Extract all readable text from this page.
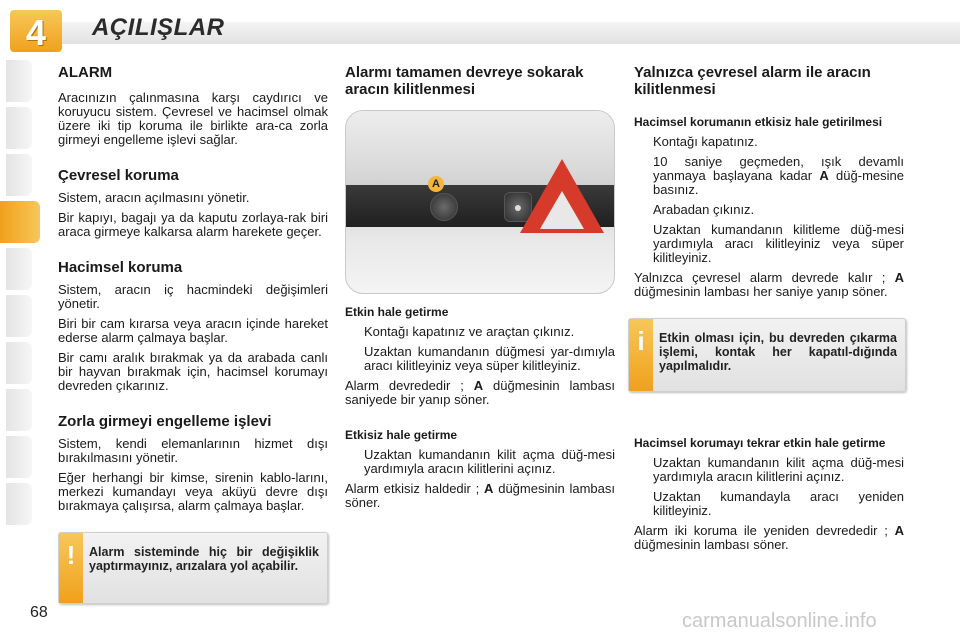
4	AÇILIŞLAR
ALARM

Aracınızın çalınmasına karşı caydırıcı ve koruyucu sistem. Çevresel ve hacimsel olmak üzere iki tip koruma ile birlikte ara-ca zorla girmeyi engelleme işlevi sağlar.

Çevresel koruma

Sistem, aracın açılmasını yönetir.

Bir kapıyı, bagajı ya da kaputu zorlaya-rak biri araca girmeye kalkarsa alarm harekete geçer.

Hacimsel koruma

Sistem, aracın iç hacmindeki değişimleri yönetir.

Biri bir cam kırarsa veya aracın içinde hareket ederse alarm çalmaya başlar.

Bir camı aralık bırakmak ya da arabada canlı bir hayvan bırakmak için, hacimsel korumayı devreden çıkarınız.

Zorla girmeyi engelleme işlevi

Sistem, kendi elemanlarının hizmet dışı bırakılmasını yönetir.

Eğer herhangi bir kimse, sirenin kablo-larını, merkezi kumandayı veya aküyü devre dışı bırakmaya çalışırsa, alarm çalmaya başlar.

!	Alarm sisteminde hiç bir değişiklik yaptırmayınız, arızalara yol açabilir.
Alarmı tamamen devreye sokarak aracın kilitlenmesi
●
A
Etkin hale getirme
Kontağı kapatınız ve araçtan çıkınız.
Uzaktan kumandanın düğmesi yar-dımıyla aracı kilitleyiniz veya süper kilitleyiniz.

Alarm devrededir ; A düğmesinin lambası saniyede bir yanıp söner.

Etkisiz hale getirme
Uzaktan kumandanın kilit açma düğ-mesi yardımıyla aracın kilitlerini açınız.

Alarm etkisiz haldedir ; A düğmesinin lambası söner.

Yalnızca çevresel alarm ile aracın kilitlenmesi
Hacimsel korumanın etkisiz hale getirilmesi
Kontağı kapatınız.
10 saniye geçmeden, ışık devamlı yanmaya başlayana kadar A düğ-mesine basınız.
Arabadan çıkınız.
Uzaktan kumandanın kilitleme düğ-mesi yardımıyla aracı kilitleyiniz veya süper kilitleyiniz.

Yalnızca çevresel alarm devrede kalır ; A düğmesinin lambası her saniye yanıp söner.

Hacimsel korumayı tekrar etkin hale getirme
Uzaktan kumandanın kilit açma düğ-mesi yardımıyla aracın kilitlerini açınız.
Uzaktan kumandayla aracı yeniden kilitleyiniz.

Alarm iki koruma ile yeniden devrededir ; A düğmesinin lambası söner.

i	Etkin olması için, bu devreden çıkarma işlemi, kontak her kapatıl-dığında yapılmalıdır.
68	carmanualsonline.info
